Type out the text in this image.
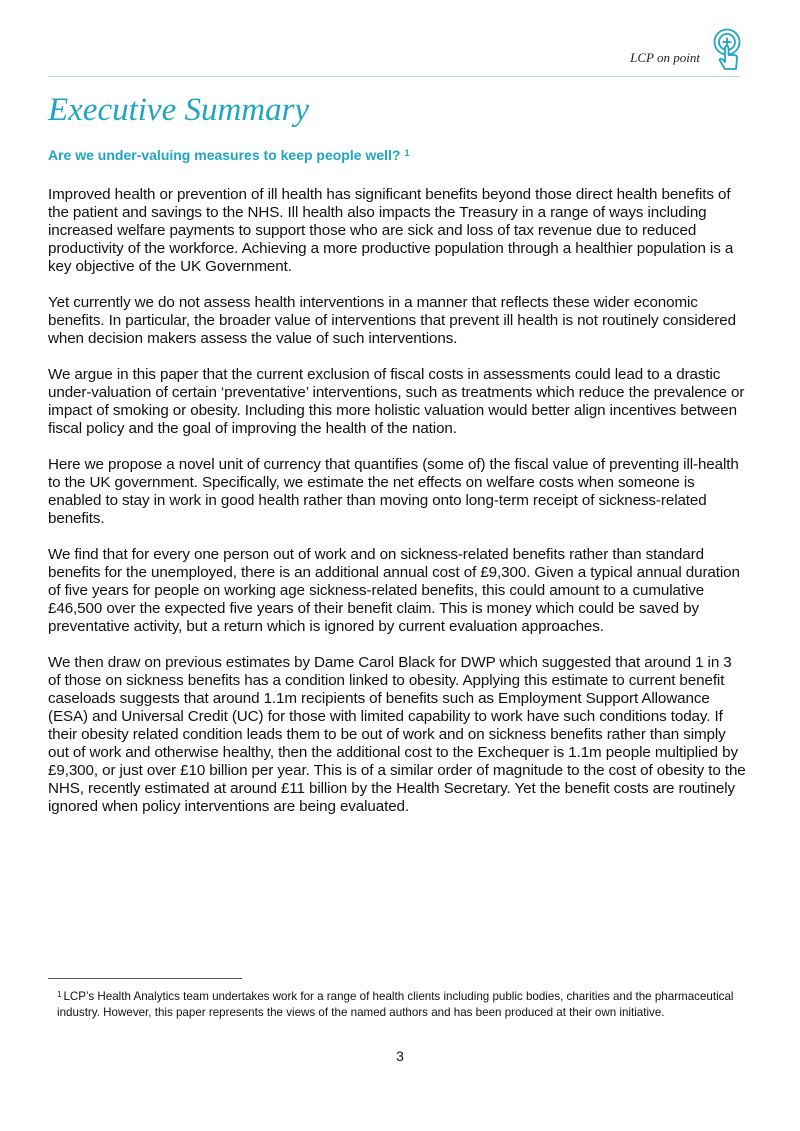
LCP on point
Executive Summary
Are we under-valuing measures to keep people well? $^1$

Improved health or prevention of ill health has significant benefits beyond those direct health benefits of the patient and savings to the NHS. Ill health also impacts the Treasury in a range of ways including increased welfare payments to support those who are sick and loss of tax revenue due to reduced productivity of the workforce. Achieving a more productive population through a healthier population is a key objective of the UK Government.

Yet currently we do not assess health interventions in a manner that reflects these wider economic benefits. In particular, the broader value of interventions that prevent ill health is not routinely considered when decision makers assess the value of such interventions.

We argue in this paper that the current exclusion of fiscal costs in assessments could lead to a drastic under-valuation of certain ‘preventative’ interventions, such as treatments which reduce the prevalence or impact of smoking or obesity. Including this more holistic valuation would better align incentives between fiscal policy and the goal of improving the health of the nation.

Here we propose a novel unit of currency that quantifies (some of) the fiscal value of preventing ill-health to the UK government. Specifically, we estimate the net effects on welfare costs when someone is enabled to stay in work in good health rather than moving onto long-term receipt of sickness-related benefits.

We find that for every one person out of work and on sickness-related benefits rather than standard benefits for the unemployed, there is an additional annual cost of £9,300. Given a typical annual duration of five years for people on working age sickness-related benefits, this could amount to a cumulative £46,500 over the expected five years of their benefit claim. This is money which could be saved by preventative activity, but a return which is ignored by current evaluation approaches.

We then draw on previous estimates by Dame Carol Black for DWP which suggested that around 1 in 3 of those on sickness benefits has a condition linked to obesity. Applying this estimate to current benefit caseloads suggests that around 1.1m recipients of benefits such as Employment Support Allowance (ESA) and Universal Credit (UC) for those with limited capability to work have such conditions today. If their obesity related condition leads them to be out of work and on sickness benefits rather than simply out of work and otherwise healthy, then the additional cost to the Exchequer is 1.1m people multiplied by £9,300, or just over £10 billion per year. This is of a similar order of magnitude to the cost of obesity to the NHS, recently estimated at around £11 billion by the Health Secretary. Yet the benefit costs are routinely ignored when policy interventions are being evaluated.

$^1$ LCP’s Health Analytics team undertakes work for a range of health clients including public bodies, charities and the pharmaceutical industry. However, this paper represents the views of the named authors and has been produced at their own initiative.

3
